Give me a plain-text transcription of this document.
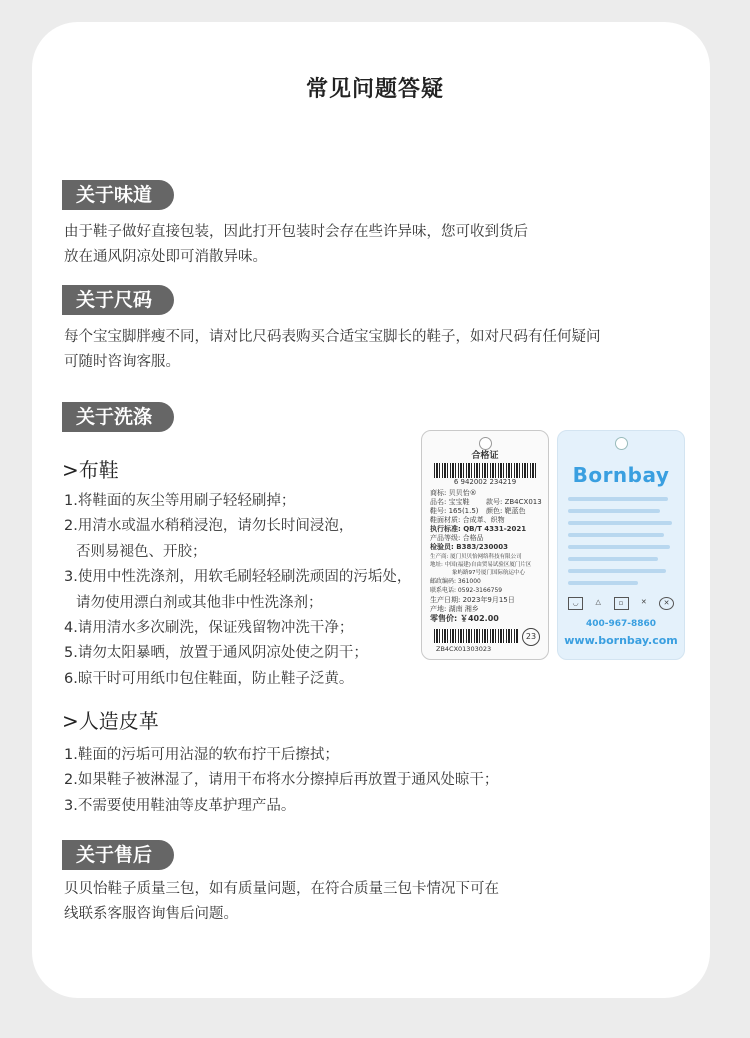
常见问题答疑
关于味道
由于鞋子做好直接包装，因此打开包装时会存在些许异味，您可收到货后
放在通风阴凉处即可消散异味。
关于尺码
每个宝宝脚胖瘦不同，请对比尺码表购买合适宝宝脚长的鞋子，如对尺码有任何疑问
可随时咨询客服。
关于洗涤
>布鞋
1.将鞋面的灰尘等用刷子轻轻刷掉；
2.用清水或温水稍稍浸泡，请勿长时间浸泡，
否则易褪色、开胶；
3.使用中性洗涤剂，用软毛刷轻轻刷洗顽固的污垢处，
请勿使用漂白剂或其他非中性洗涤剂；
4.请用清水多次刷洗，保证残留物冲洗干净；
5.请勿太阳暴晒，放置于通风阴凉处使之阴干；
6.晾干时可用纸巾包住鞋面，防止鞋子泛黄。
>人造皮革
1.鞋面的污垢可用沾湿的软布拧干后擦拭；
2.如果鞋子被淋湿了，请用干布将水分擦掉后再放置于通风处晾干；
3.不需要使用鞋油等皮革护理产品。
关于售后
贝贝怡鞋子质量三包，如有质量问题，在符合质量三包卡情况下可在
线联系客服咨询售后问题。
合格证
6 942002 234219
商标: 贝贝怡®
品名: 宝宝鞋 款号: ZB4CX013
鞋号: 165(1.5) 颜色: 靶蓝色
鞋面材质: 合成革、织物
执行标准: QB/T 4331-2021
产品等级: 合格品
检验员: B383/230003
生产商: 厦门贝贝怡网络科技有限公司
地址: 中国(福建)自由贸易试验区厦门片区
象屿路97号厦门国际航运中心
邮政编码: 361000
联系电话: 0592-3166759
生产日期: 2023年9月15日
产地: 湖南 湘乡
零售价: ￥402.00
23
ZB4CX01303023
Bornbay
◡	△	▫	✕	✕
400-967-8860
www.bornbay.com
